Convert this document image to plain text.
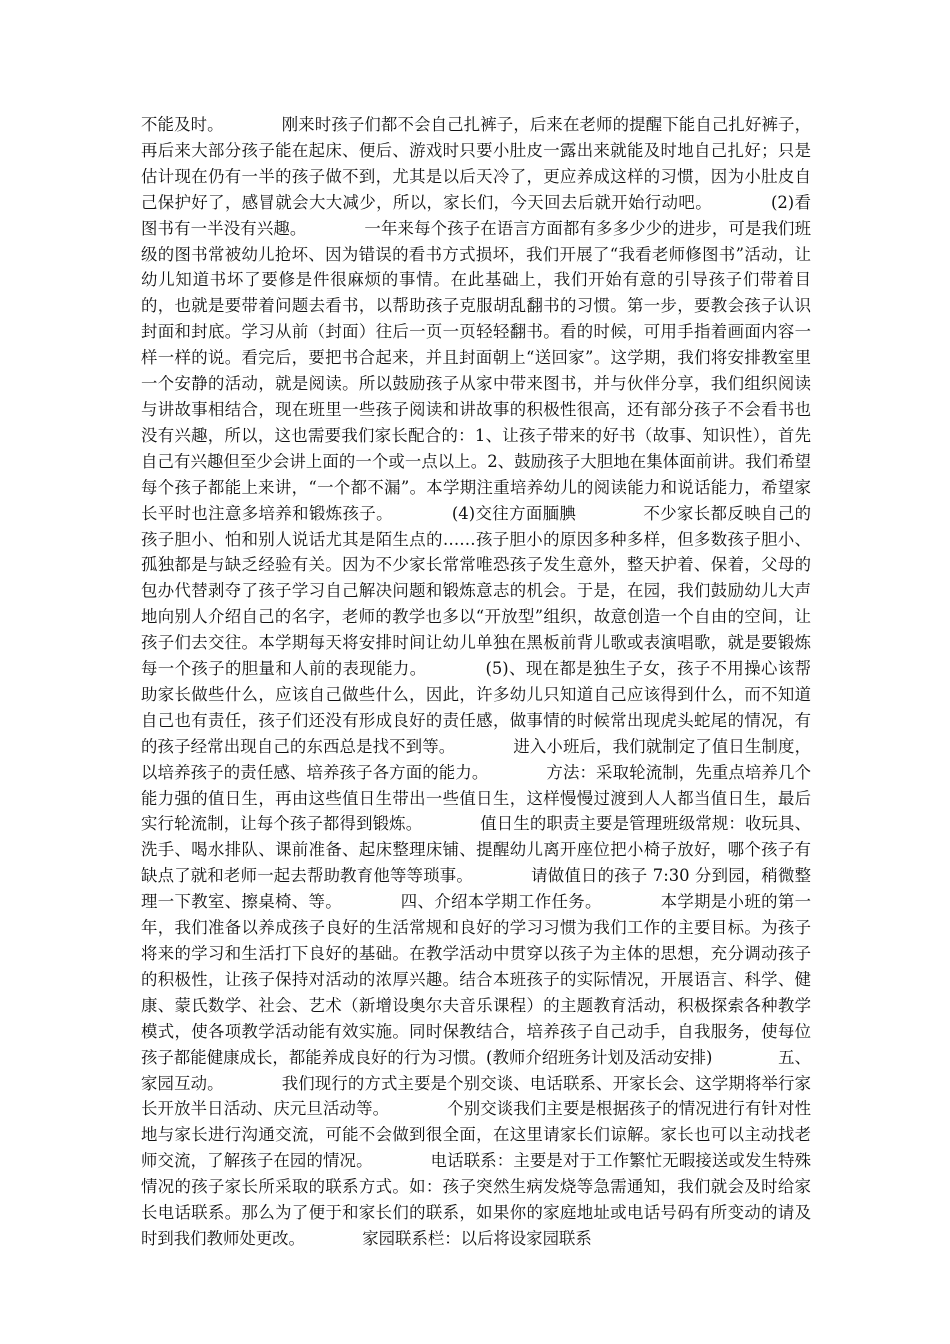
不能及时。　　　　刚来时孩子们都不会自己扎裤子，后来在老师的提醒下能自己扎好裤子，再后来大部分孩子能在起床、便后、游戏时只要小肚皮一露出来就能及时地自己扎好；只是估计现在仍有一半的孩子做不到，尤其是以后天冷了，更应养成这样的习惯，因为小肚皮自己保护好了，感冒就会大大减少，所以，家长们，今天回去后就开始行动吧。　　　　(2)看图书有一半没有兴趣。　　　　一年来每个孩子在语言方面都有多多少少的进步，可是我们班级的图书常被幼儿抢坏、因为错误的看书方式损坏，我们开展了“我看老师修图书”活动，让幼儿知道书坏了要修是件很麻烦的事情。在此基础上，我们开始有意的引导孩子们带着目的，也就是要带着问题去看书，以帮助孩子克服胡乱翻书的习惯。第一步，要教会孩子认识封面和封底。学习从前（封面）往后一页一页轻轻翻书。看的时候，可用手指着画面内容一样一样的说。看完后，要把书合起来，并且封面朝上“送回家”。这学期，我们将安排教室里一个安静的活动，就是阅读。所以鼓励孩子从家中带来图书，并与伙伴分享，我们组织阅读与讲故事相结合，现在班里一些孩子阅读和讲故事的积极性很高，还有部分孩子不会看书也没有兴趣，所以，这也需要我们家长配合的：1、让孩子带来的好书（故事、知识性），首先自己有兴趣但至少会讲上面的一个或一点以上。2、鼓励孩子大胆地在集体面前讲。我们希望每个孩子都能上来讲，“一个都不漏”。本学期注重培养幼儿的阅读能力和说话能力，希望家长平时也注意多培养和锻炼孩子。　　　　(4)交往方面腼腆　　　　不少家长都反映自己的孩子胆小、怕和别人说话尤其是陌生点的……孩子胆小的原因多种多样，但多数孩子胆小、孤独都是与缺乏经验有关。因为不少家长常常唯恐孩子发生意外，整天护着、保着，父母的包办代替剥夺了孩子学习自己解决问题和锻炼意志的机会。于是，在园，我们鼓励幼儿大声地向别人介绍自己的名字，老师的教学也多以“开放型”组织，故意创造一个自由的空间，让孩子们去交往。本学期每天将安排时间让幼儿单独在黑板前背儿歌或表演唱歌，就是要锻炼每一个孩子的胆量和人前的表现能力。　　　　(5)、现在都是独生子女，孩子不用操心该帮助家长做些什么，应该自己做些什么，因此，许多幼儿只知道自己应该得到什么，而不知道自己也有责任，孩子们还没有形成良好的责任感，做事情的时候常出现虎头蛇尾的情况，有的孩子经常出现自己的东西总是找不到等。　　　　进入小班后，我们就制定了值日生制度，以培养孩子的责任感、培养孩子各方面的能力。　　　　方法：采取轮流制，先重点培养几个能力强的值日生，再由这些值日生带出一些值日生，这样慢慢过渡到人人都当值日生，最后实行轮流制，让每个孩子都得到锻炼。　　　　值日生的职责主要是管理班级常规：收玩具、洗手、喝水排队、课前准备、起床整理床铺、提醒幼儿离开座位把小椅子放好，哪个孩子有缺点了就和老师一起去帮助教育他等等琐事。　　　　请做值日的孩子 7:30 分到园，稍微整理一下教室、擦桌椅、等。　　　　四、介绍本学期工作任务。　　　　本学期是小班的第一年，我们准备以养成孩子良好的生活常规和良好的学习习惯为我们工作的主要目标。为孩子将来的学习和生活打下良好的基础。在教学活动中贯穿以孩子为主体的思想，充分调动孩子的积极性，让孩子保持对活动的浓厚兴趣。结合本班孩子的实际情况，开展语言、科学、健康、蒙氏数学、社会、艺术（新增设奥尔夫音乐课程）的主题教育活动，积极探索各种教学模式，使各项教学活动能有效实施。同时保教结合，培养孩子自己动手，自我服务，使每位孩子都能健康成长，都能养成良好的行为习惯。(教师介绍班务计划及活动安排)　　　　五、家园互动。　　　　我们现行的方式主要是个别交谈、电话联系、开家长会、这学期将举行家长开放半日活动、庆元旦活动等。　　　　个别交谈我们主要是根据孩子的情况进行有针对性地与家长进行沟通交流，可能不会做到很全面，在这里请家长们谅解。家长也可以主动找老师交流，了解孩子在园的情况。　　　　电话联系：主要是对于工作繁忙无暇接送或发生特殊情况的孩子家长所采取的联系方式。如：孩子突然生病发烧等急需通知，我们就会及时给家长电话联系。那么为了便于和家长们的联系，如果你的家庭地址或电话号码有所变动的请及时到我们教师处更改。　　　　家园联系栏：以后将设家园联系
